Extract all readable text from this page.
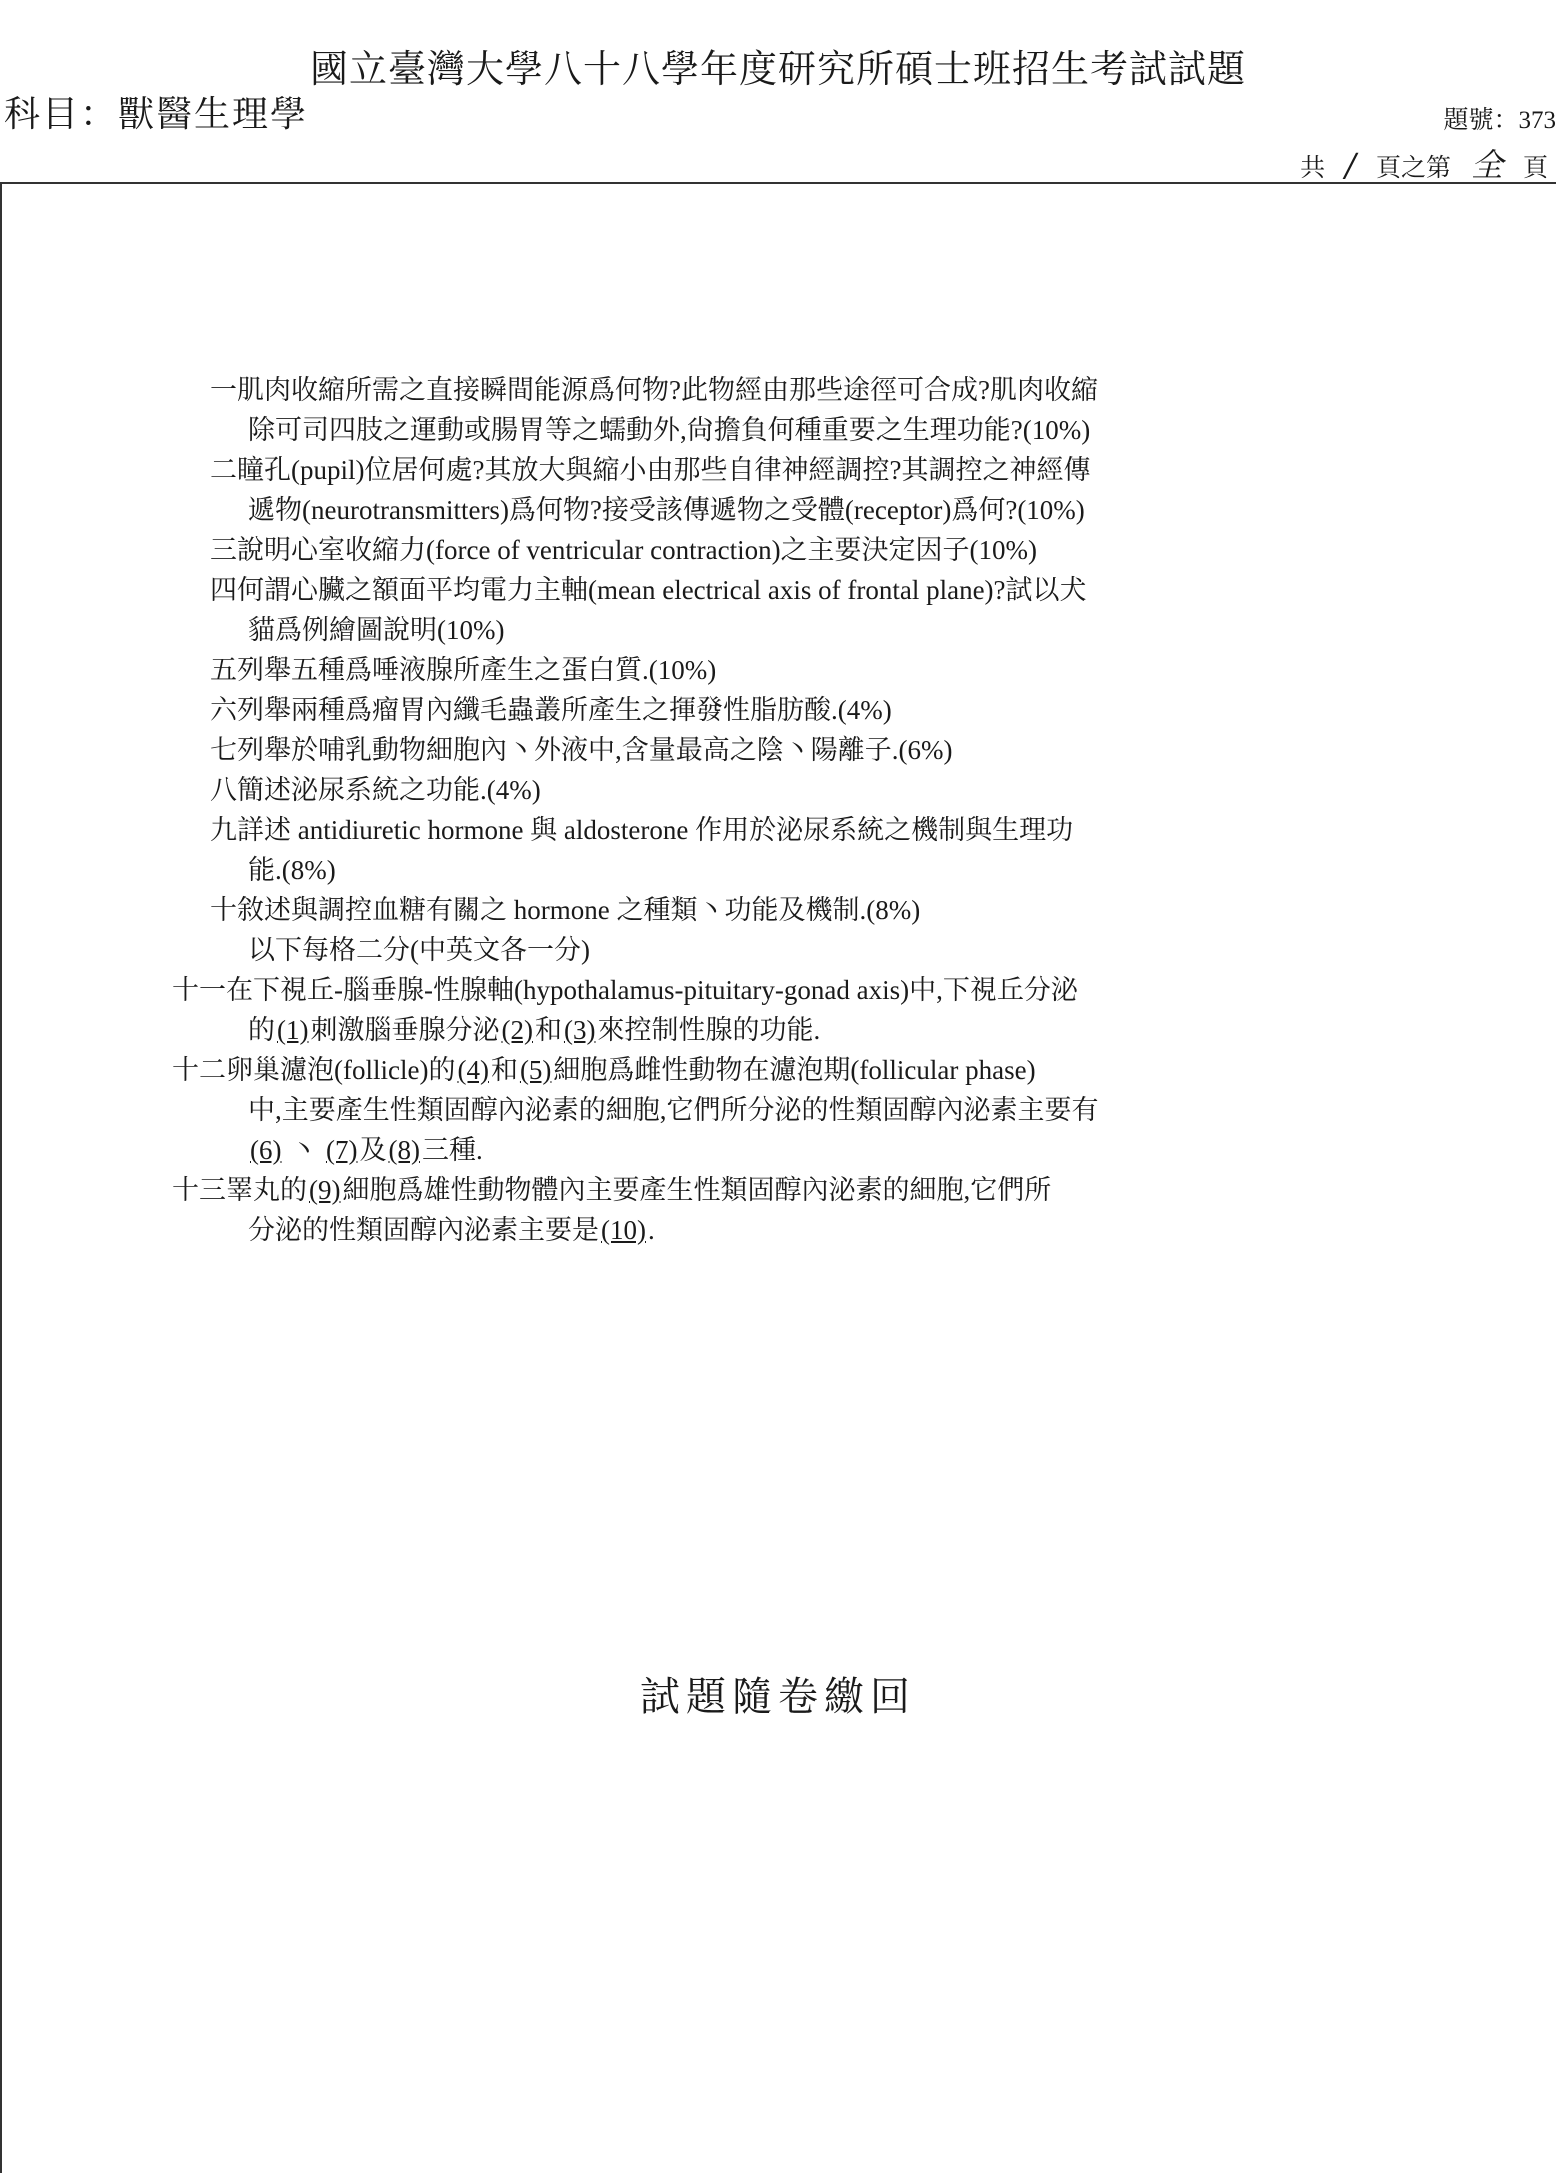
國立臺灣大學八十八學年度研究所碩士班招生考試試題
科目：獸醫生理學	題號：373
共 / 頁之第 全 頁
一肌肉收縮所需之直接瞬間能源爲何物?此物經由那些途徑可合成?肌肉收縮
除可司四肢之運動或腸胃等之蠕動外,尙擔負何種重要之生理功能?(10%)
二瞳孔(pupil)位居何處?其放大與縮小由那些自律神經調控?其調控之神經傳
遞物(neurotransmitters)爲何物?接受該傳遞物之受體(receptor)爲何?(10%)
三說明心室收縮力(force of ventricular contraction)之主要決定因子(10%)
四何謂心臟之額面平均電力主軸(mean electrical axis of frontal plane)?試以犬
貓爲例繪圖說明(10%)
五列舉五種爲唾液腺所產生之蛋白質.(10%)
六列舉兩種爲瘤胃內纖毛蟲叢所產生之揮發性脂肪酸.(4%)
七列舉於哺乳動物細胞內丶外液中,含量最高之陰丶陽離子.(6%)
八簡述泌尿系統之功能.(4%)
九詳述 antidiuretic hormone 與 aldosterone 作用於泌尿系統之機制與生理功
能.(8%)
十敘述與調控血糖有關之 hormone 之種類丶功能及機制.(8%)
以下每格二分(中英文各一分)
十一在下視丘-腦垂腺-性腺軸(hypothalamus-pituitary-gonad axis)中,下視丘分泌
的(1)刺激腦垂腺分泌(2)和(3)來控制性腺的功能.
十二卵巢濾泡(follicle)的(4)和(5)細胞爲雌性動物在濾泡期(follicular phase)
中,主要產生性類固醇內泌素的細胞,它們所分泌的性類固醇內泌素主要有
(6) 丶 (7)及(8)三種.
十三睪丸的(9)細胞爲雄性動物體內主要產生性類固醇內泌素的細胞,它們所
分泌的性類固醇內泌素主要是(10).
試題隨卷繳回
